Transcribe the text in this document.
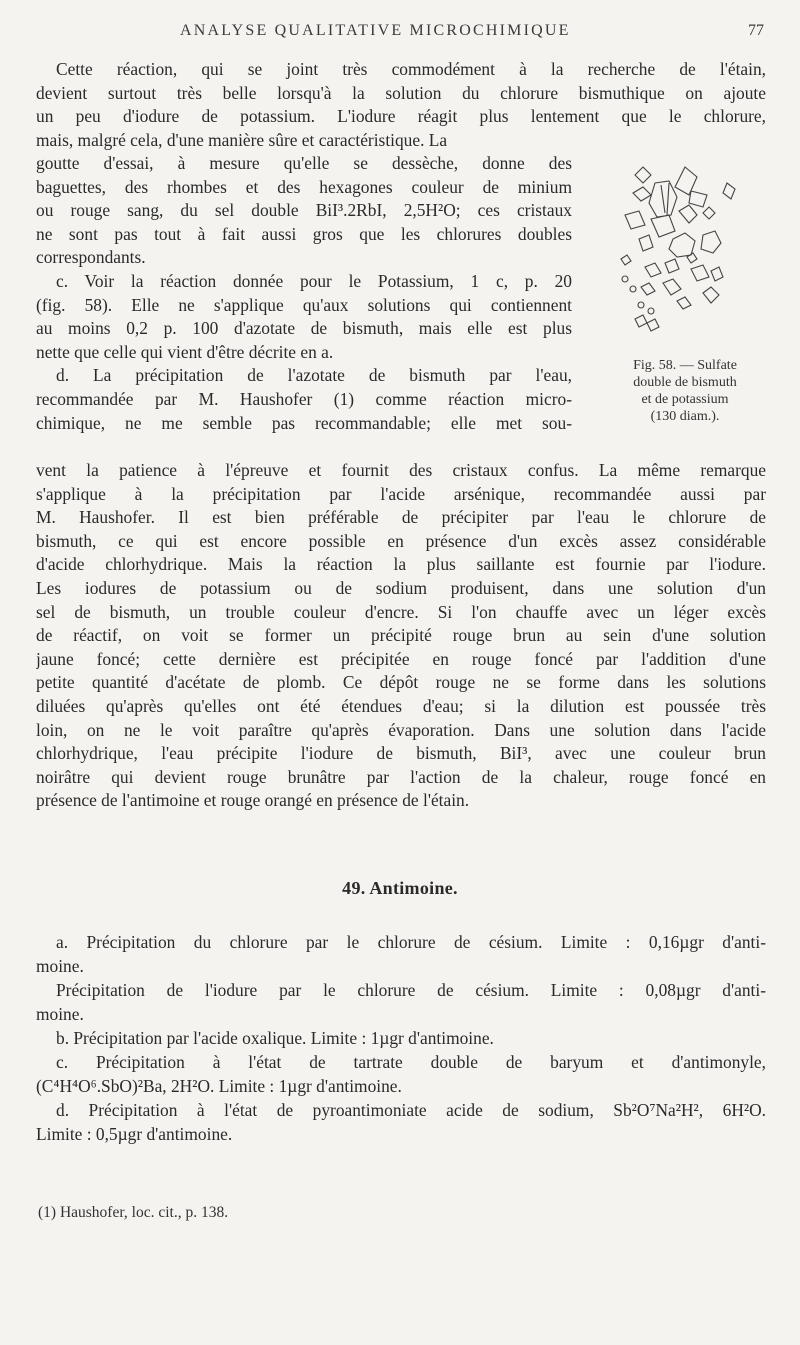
ANALYSE QUALITATIVE MICROCHIMIQUE	77
Cette réaction, qui se joint très commodément à la recherche de l'étain,
devient surtout très belle lorsqu'à la solution du chlorure bismuthique on ajoute
un peu d'iodure de potassium. L'iodure réagit plus lentement que le chlorure,
mais, malgré cela, d'une manière sûre et caractéristique. La
goutte d'essai, à mesure qu'elle se dessèche, donne des
baguettes, des rhombes et des hexagones couleur de minium
ou rouge sang, du sel double BiI³.2RbI, 2,5H²O; ces cristaux
ne sont pas tout à fait aussi gros que les chlorures doubles
correspondants.
c. Voir la réaction donnée pour le Potassium, 1 c, p. 20
(fig. 58). Elle ne s'applique qu'aux solutions qui contiennent
au moins 0,2 p. 100 d'azotate de bismuth, mais elle est plus
nette que celle qui vient d'être décrite en a.
d. La précipitation de l'azotate de bismuth par l'eau,
recommandée par M. Haushofer (1) comme réaction micro-
chimique, ne me semble pas recommandable; elle met sou-
Fig. 58. — Sulfate
double de bismuth
et de potassium
(130 diam.).
vent la patience à l'épreuve et fournit des cristaux confus. La même remarque
s'applique à la précipitation par l'acide arsénique, recommandée aussi par
M. Haushofer. Il est bien préférable de précipiter par l'eau le chlorure de
bismuth, ce qui est encore possible en présence d'un excès assez considérable
d'acide chlorhydrique. Mais la réaction la plus saillante est fournie par l'iodure.
Les iodures de potassium ou de sodium produisent, dans une solution d'un
sel de bismuth, un trouble couleur d'encre. Si l'on chauffe avec un léger excès
de réactif, on voit se former un précipité rouge brun au sein d'une solution
jaune foncé; cette dernière est précipitée en rouge foncé par l'addition d'une
petite quantité d'acétate de plomb. Ce dépôt rouge ne se forme dans les solutions
diluées qu'après qu'elles ont été étendues d'eau; si la dilution est poussée très
loin, on ne le voit paraître qu'après évaporation. Dans une solution dans l'acide
chlorhydrique, l'eau précipite l'iodure de bismuth, BiI³, avec une couleur brun
noirâtre qui devient rouge brunâtre par l'action de la chaleur, rouge foncé en
présence de l'antimoine et rouge orangé en présence de l'étain.
49. Antimoine.
a. Précipitation du chlorure par le chlorure de césium. Limite : 0,16µgr d'anti-
moine.
Précipitation de l'iodure par le chlorure de césium. Limite : 0,08µgr d'anti-
moine.
b. Précipitation par l'acide oxalique. Limite : 1µgr d'antimoine.
c. Précipitation à l'état de tartrate double de baryum et d'antimonyle,
(C⁴H⁴O⁶.SbO)²Ba, 2H²O. Limite : 1µgr d'antimoine.
d. Précipitation à l'état de pyroantimoniate acide de sodium, Sb²O⁷Na²H², 6H²O.
Limite : 0,5µgr d'antimoine.
(1) Haushofer, loc. cit., p. 138.
